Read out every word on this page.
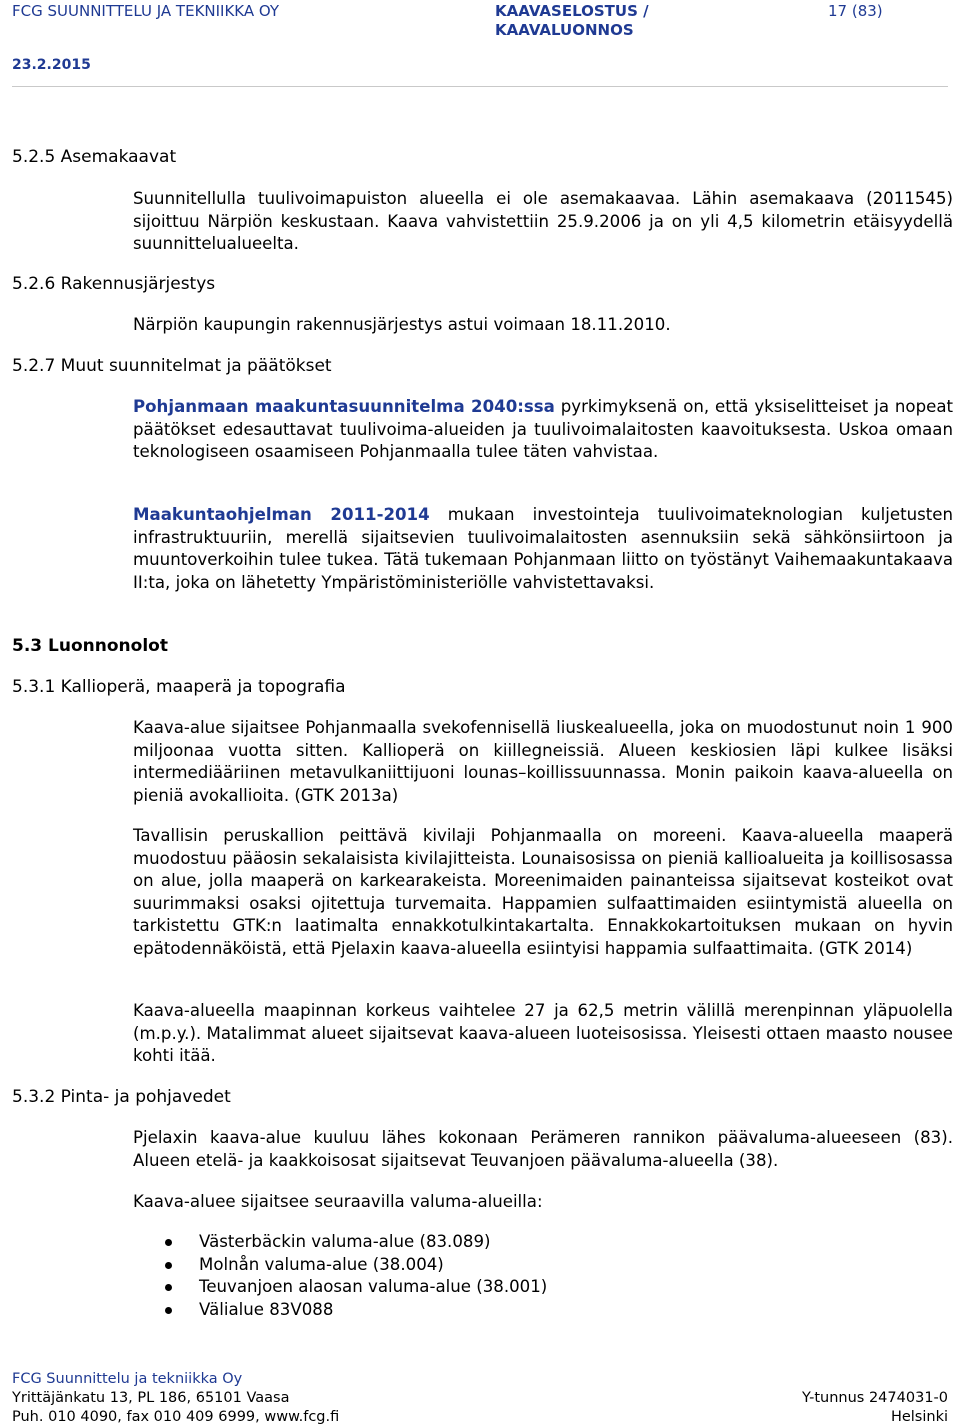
FCG SUUNNITTELU JA TEKNIIKKA OY	KAAVASELOSTUS / KAAVALUONNOS
17 (83)
23.2.2015
5.2.5 Asemakaavat
Suunnitellulla tuulivoimapuiston alueella ei ole asemakaavaa. Lähin asemakaava (2011545) sijoittuu Närpiön keskustaan. Kaava vahvistettiin 25.9.2006 ja on yli 4,5 kilometrin etäisyydellä suunnittelualueelta.
5.2.6 Rakennusjärjestys
Närpiön kaupungin rakennusjärjestys astui voimaan 18.11.2010.
5.2.7 Muut suunnitelmat ja päätökset
Pohjanmaan maakuntasuunnitelma 2040:ssa pyrkimyksenä on, että yksiselitteiset ja nopeat päätökset edesauttavat tuulivoima-alueiden ja tuulivoimalaitosten kaavoituksesta. Uskoa omaan teknologiseen osaamiseen Pohjanmaalla tulee täten vahvistaa.
Maakuntaohjelman 2011-2014 mukaan investointeja tuulivoimateknologian kuljetusten infrastruktuuriin, merellä sijaitsevien tuulivoimalaitosten asennuksiin sekä sähkönsiirtoon ja muuntoverkoihin tulee tukea. Tätä tukemaan Pohjanmaan liitto on työstänyt Vaihemaakuntakaava II:ta, joka on lähetetty Ympäristöministeriölle vahvistettavaksi.
5.3 Luonnonolot
5.3.1 Kallioperä, maaperä ja topografia
Kaava-alue sijaitsee Pohjanmaalla svekofennisellä liuskealueella, joka on muodostunut noin 1 900 miljoonaa vuotta sitten. Kallioperä on kiillegneissiä. Alueen keskiosien läpi kulkee lisäksi intermediääriinen metavulkaniittijuoni lounas–koillissuunnassa. Monin paikoin kaava-alueella on pieniä avokallioita. (GTK 2013a)
Tavallisin peruskallion peittävä kivilaji Pohjanmaalla on moreeni. Kaava-alueella maaperä muodostuu pääosin sekalaisista kivilajitteista. Lounaisosissa on pieniä kallioalueita ja koillisosassa on alue, jolla maaperä on karkearakeista. Moreenimaiden painanteissa sijaitsevat kosteikot ovat suurimmaksi osaksi ojitettuja turvemaita. Happamien sulfaattimaiden esiintymistä alueella on tarkistettu GTK:n laatimalta ennakkotulkintakartalta. Ennakkokartoituksen mukaan on hyvin epätodennäköistä, että Pjelaxin kaava-alueella esiintyisi happamia sulfaattimaita. (GTK 2014)
Kaava-alueella maapinnan korkeus vaihtelee 27 ja 62,5 metrin välillä merenpinnan yläpuolella (m.p.y.). Matalimmat alueet sijaitsevat kaava-alueen luoteisosissa. Yleisesti ottaen maasto nousee kohti itää.
5.3.2 Pinta- ja pohjavedet
Pjelaxin kaava-alue kuuluu lähes kokonaan Perämeren rannikon päävaluma-alueeseen (83). Alueen etelä- ja kaakkoisosat sijaitsevat Teuvanjoen päävaluma-alueella (38).
Kaava-aluee sijaitsee seuraavilla valuma-alueilla:
Västerbäckin valuma-alue (83.089)
Molnån valuma-alue (38.004)
Teuvanjoen alaosan valuma-alue (38.001)
Välialue 83V088
FCG Suunnittelu ja tekniikka Oy
Yrittäjänkatu 13, PL 186, 65101 Vaasa
Puh. 010 4090, fax 010 409 6999, www.fcg.fi
Y-tunnus 2474031-0
Helsinki
